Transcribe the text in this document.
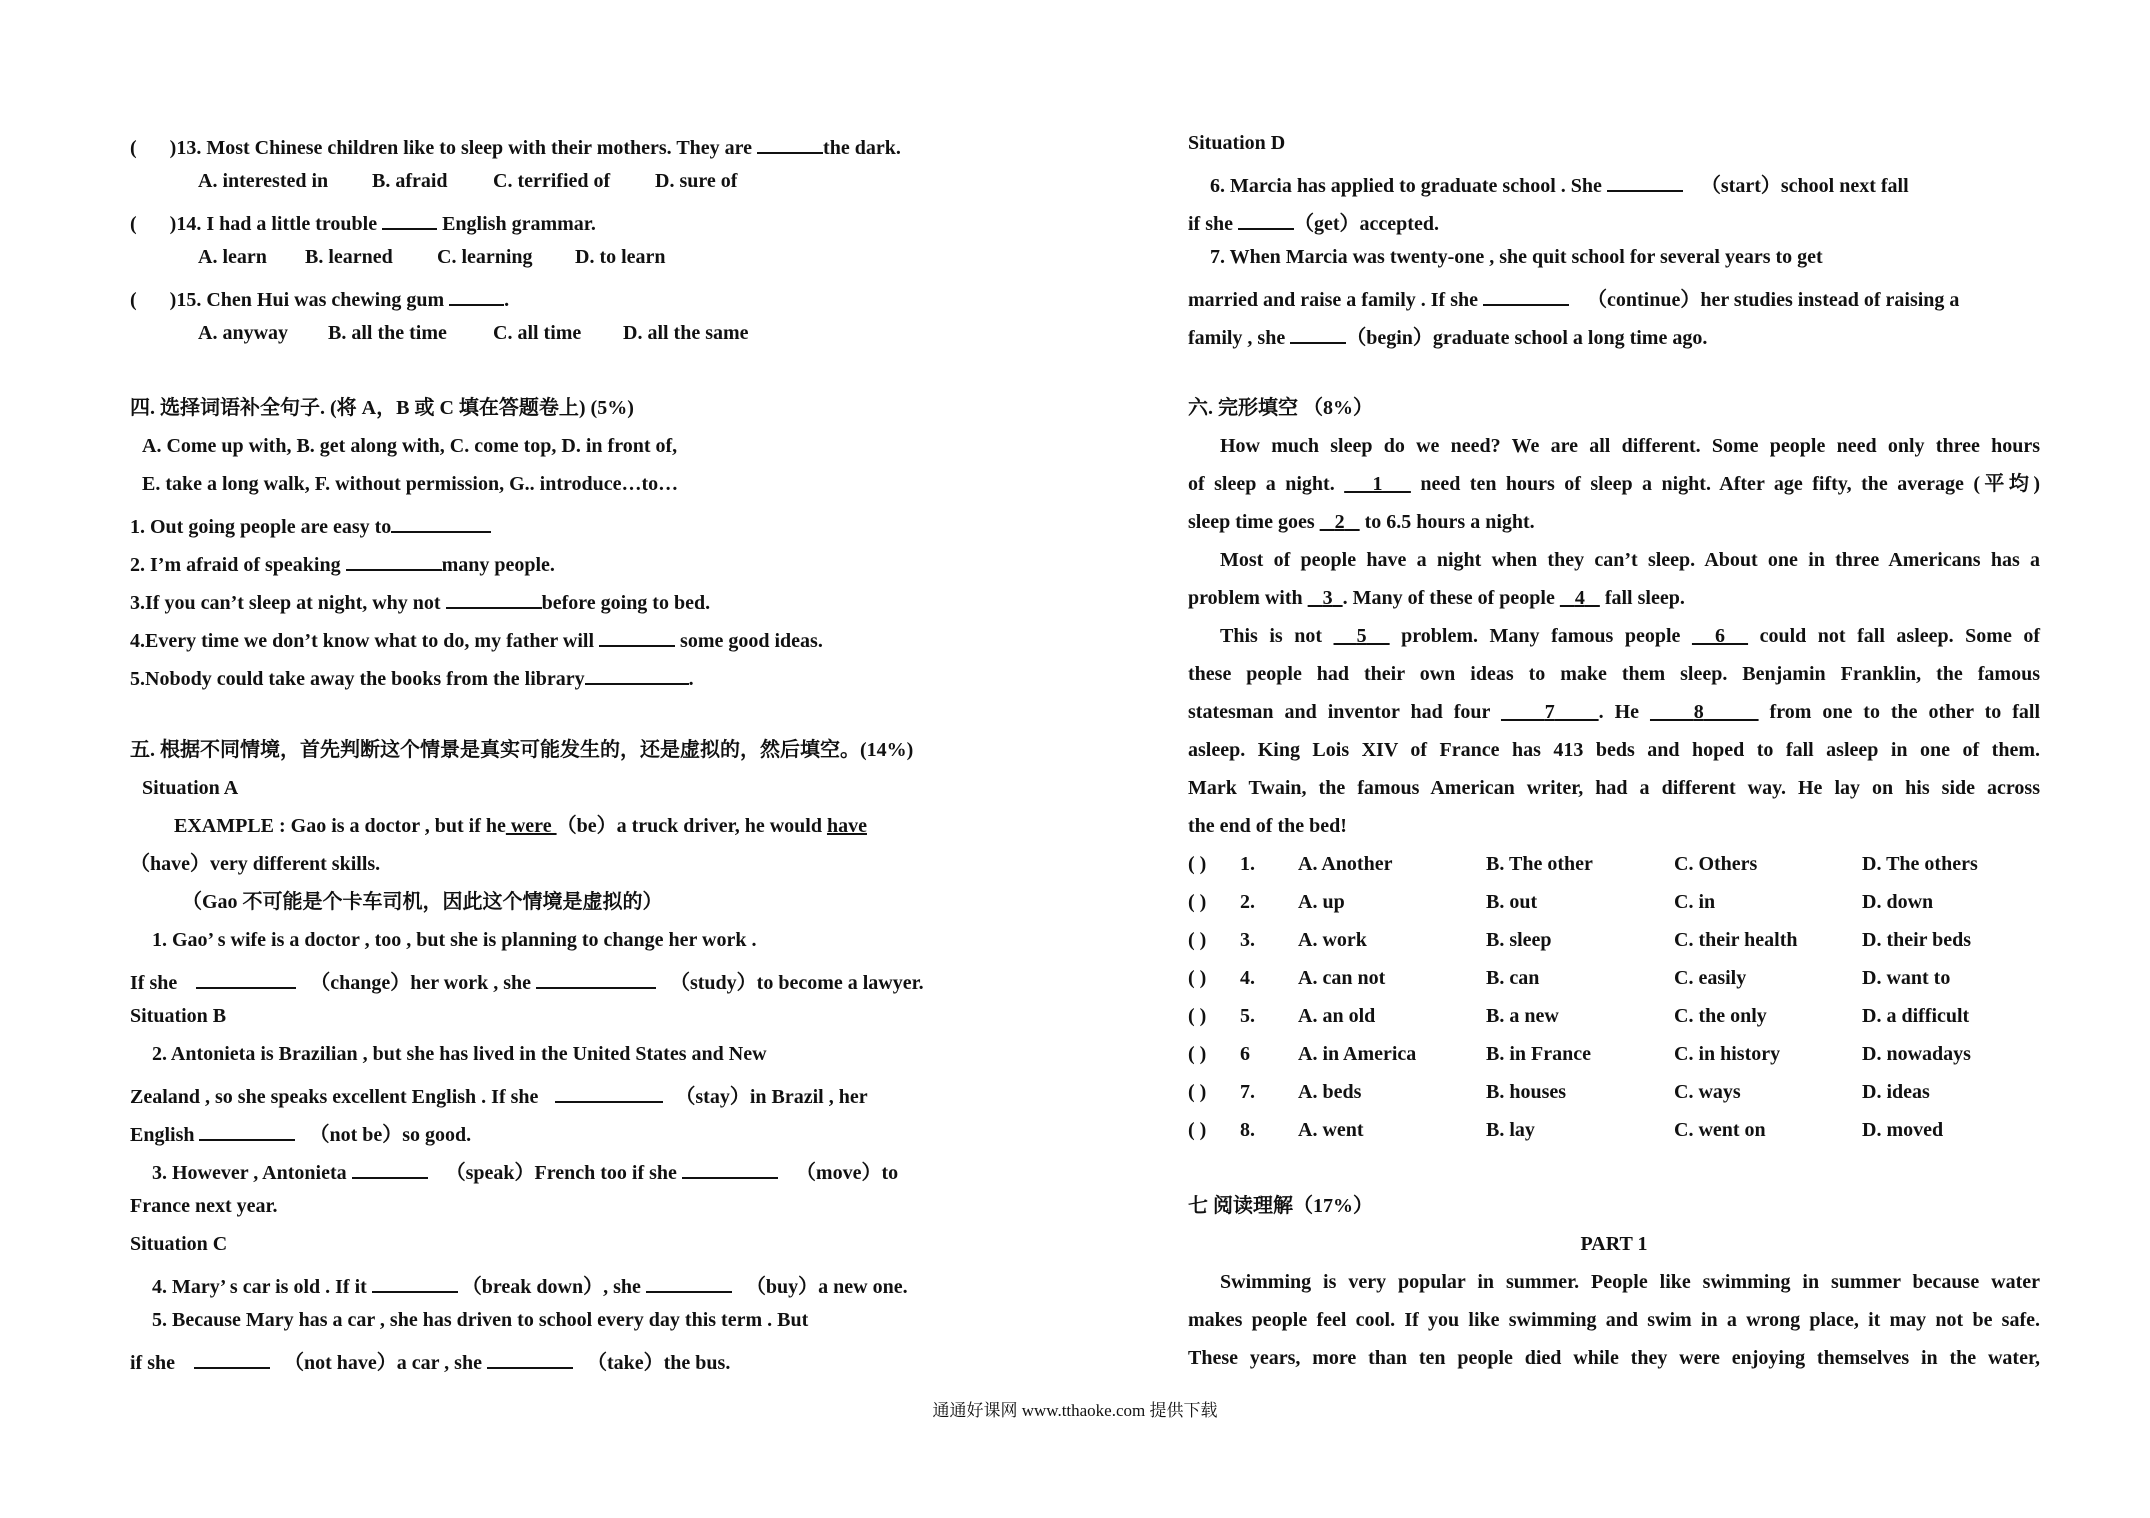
( )13. Most Chinese children like to sleep with their mothers. They are	the dark.
A. interested in B. afraid C. terrified of D. sure of
( )14. I had a little trouble	English grammar.
A. learn B. learned C. learning D. to learn
( )15. Chen Hui was chewing gum	.
A. anyway B. all the time C. all time D. all the same
四. 选择词语补全句子. (将 A，B 或 C 填在答题卷上) (5%)
A. Come up with, B. get along with, C. come top, D. in front of,
E. take a long walk, F. without permission, G.. introduce…to…
1. Out going people are easy to
2. I’m afraid of speaking	many people.
3.If you can’t sleep at night, why not	before going to bed.
4.Every time we don’t know what to do, my father will	some good ideas.
5.Nobody could take away the books from the library	.
五. 根据不同情境，首先判断这个情景是真实可能发生的，还是虚拟的，然后填空。(14%)
Situation A
EXAMPLE : Gao is a doctor , but if he were （be）a truck driver, he would have
（have）very different skills.
（Gao 不可能是个卡车司机，因此这个情境是虚拟的）
1. Gao’ s wife is a doctor , too , but she is planning to change her work .
If she	（change）her work , she	（study）to become a lawyer.
Situation B
2. Antonieta is Brazilian , but she has lived in the United States and New
Zealand , so she speaks excellent English . If she	（stay）in Brazil , her
English	（not be）so good.
3. However , Antonieta	（speak）French too if she	（move）to
France next year.
Situation C
4. Mary’ s car is old . If it	（break down）, she	（buy）a new one.
5. Because Mary has a car , she has driven to school every day this term . But
if she	（not have）a car , she	（take）the bus.
Situation D
6. Marcia has applied to graduate school . She	（start）school next fall
if she	（get）accepted.
7. When Marcia was twenty-one , she quit school for several years to get
married and raise a family . If she	（continue）her studies instead of raising a
family , she	（begin）graduate school a long time ago.
六. 完形填空 （8%）
How much sleep do we need? We are all different. Some people need only three hours
of sleep a night.    1    need ten hours of sleep a night. After age fifty, the average (平均)
sleep time goes    2    to 6.5 hours a night.
Most of people have a night when they can’t sleep. About one in three Americans has a
problem with    3 . Many of these of people    4    fall sleep.
This is not   5   problem. Many famous people   6   could not fall asleep. Some of
these people had their own ideas to make them sleep. Benjamin Franklin, the famous
statesman and inventor had four     7 . He     8	from one to the other to fall
asleep. King Lois XIV of France has 413 beds and hoped to fall asleep in one of them.
Mark Twain, the famous American writer, had a different way. He lay on his side across
the end of the bed!
( ) 1. A. Another	B. The other	C. Others	D. The others
( ) 2. A. up	B. out	C. in	D. down
( ) 3. A. work	B. sleep	C. their health	D. their beds
( ) 4. A. can not	B. can	C. easily	D. want to
( ) 5. A. an old	B. a new	C. the only	D. a difficult
( ) 6 A. in America	B. in France	C. in history	D. nowadays
( ) 7. A. beds	B. houses	C. ways	D. ideas
( ) 8. A. went	B. lay	C. went on	D. moved
七 阅读理解（17%）
PART 1
Swimming is very popular in summer. People like swimming in summer because water
makes people feel cool. If you like swimming and swim in a wrong place, it may not be safe.
These years, more than ten people died while they were enjoying themselves in the water,
通通好课网 www.tthaoke.com 提供下载
